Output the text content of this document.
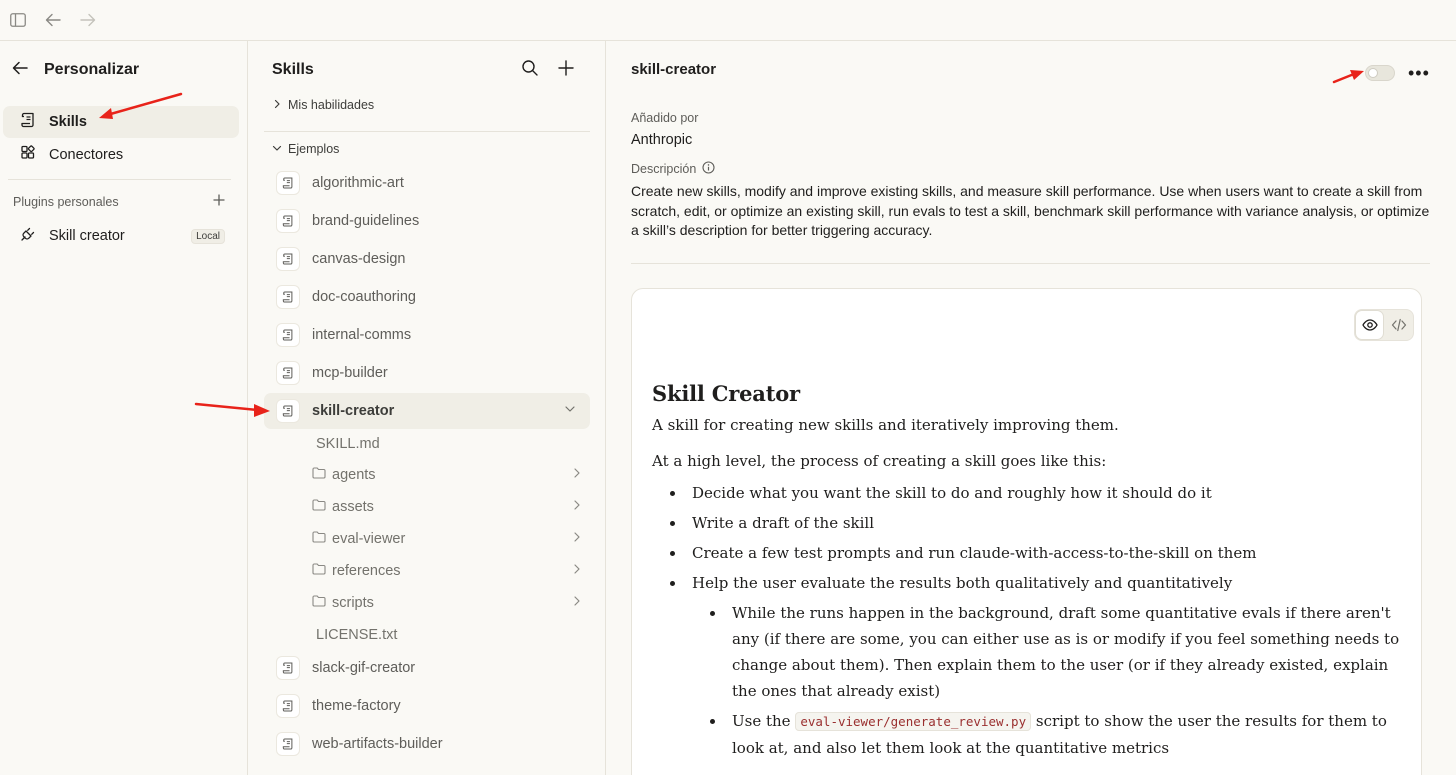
Personalizar
Skills
Conectores
Plugins personales
Skill creator	Local
Skills
Mis habilidades
Ejemplos
algorithmic-art
brand-guidelines
canvas-design
doc-coauthoring
internal-comms
mcp-builder
skill-creator
SKILL.md
agents
assets
eval-viewer
references
scripts
LICENSE.txt
slack-gif-creator
theme-factory
web-artifacts-builder
skill-creator	•••
Añadido por
Anthropic
Descripción
Create new skills, modify and improve existing skills, and measure skill performance. Use when users want to create a skill from scratch, edit, or optimize an existing skill, run evals to test a skill, benchmark skill performance with variance analysis, or optimize a skill’s description for better triggering accuracy.
Skill Creator

A skill for creating new skills and iteratively improving them.

At a high level, the process of creating a skill goes like this:

Decide what you want the skill to do and roughly how it should do it
Write a draft of the skill
Create a few test prompts and run claude-with-access-to-the-skill on them
Help the user evaluate the results both qualitatively and quantitatively
While the runs happen in the background, draft some quantitative evals if there aren't any (if there are some, you can either use as is or modify if you feel something needs to change about them). Then explain them to the user (or if they already existed, explain the ones that already exist)
Use the eval-viewer/generate_review.py script to show the user the results for them to look at, and also let them look at the quantitative metrics
